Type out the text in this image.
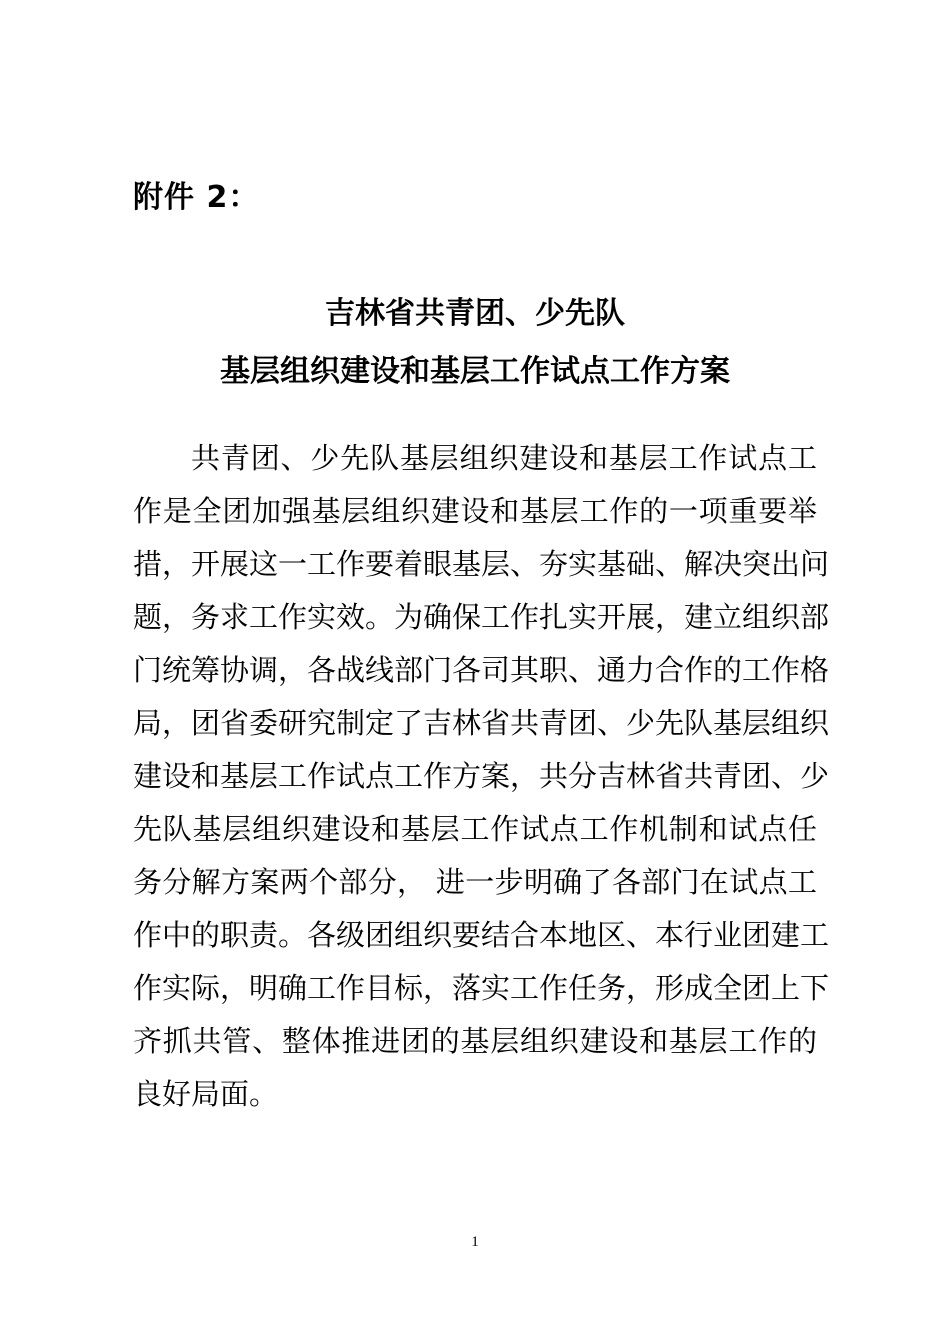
附件 2：
吉林省共青团、少先队
基层组织建设和基层工作试点工作方案
共青团、少先队基层组织建设和基层工作试点工
作是全团加强基层组织建设和基层工作的一项重要举
措，开展这一工作要着眼基层、夯实基础、解决突出问
题，务求工作实效。为确保工作扎实开展，建立组织部
门统筹协调，各战线部门各司其职、通力合作的工作格
局，团省委研究制定了吉林省共青团、少先队基层组织
建设和基层工作试点工作方案，共分吉林省共青团、少
先队基层组织建设和基层工作试点工作机制和试点任
务分解方案两个部分， 进一步明确了各部门在试点工
作中的职责。各级团组织要结合本地区、本行业团建工
作实际，明确工作目标，落实工作任务，形成全团上下
齐抓共管、整体推进团的基层组织建设和基层工作的
良好局面。
1
